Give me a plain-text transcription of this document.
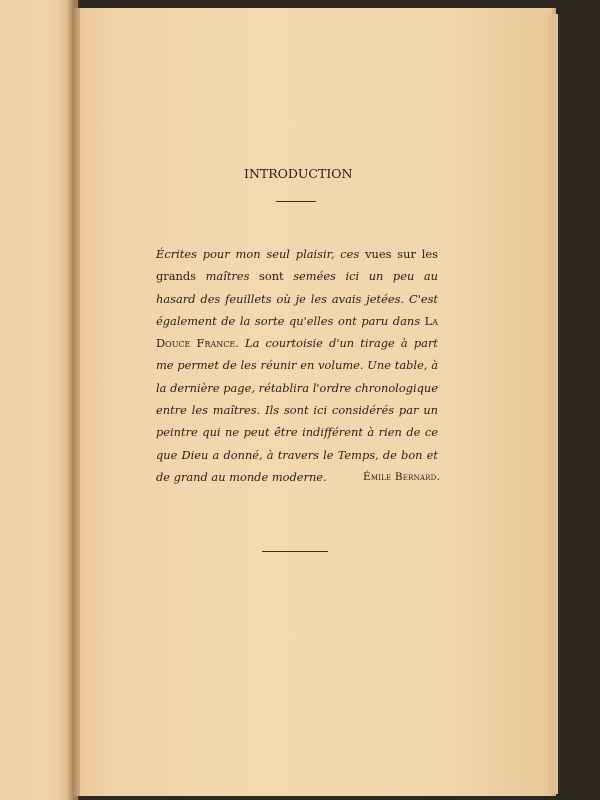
INTRODUCTION

Écrites pour mon seul plaisir, ces vues sur les grands maîtres sont semées ici un peu au hasard des feuillets où je les avais jetées. C'est également de la sorte qu'elles ont paru dans La Douce France. La courtoisie d'un tirage à part me permet de les réunir en volume. Une table, à la dernière page, rétablira l'ordre chronologique entre les maîtres. Ils sont ici considérés par un peintre qui ne peut être indifférent à rien de ce que Dieu a donné, à travers le Temps, de bon et de grand au monde moderne.	Émile Bernard.
